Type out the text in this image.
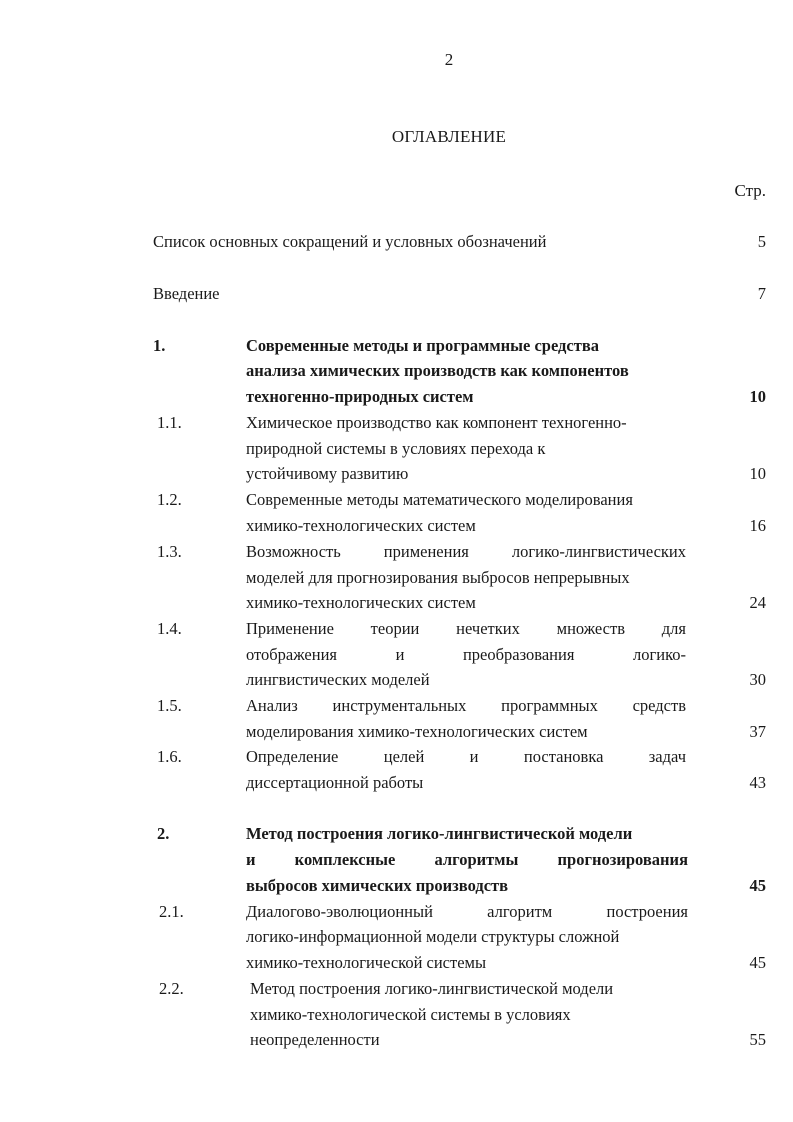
2
ОГЛАВЛЕНИЕ
Стр.
Список основных сокращений и условных обозначений	5
Введение	7
1.	Современные методы и программные средства
анализа химических производств как компонентов
техногенно-природных систем	10
1.1.	Химическое производство как компонент техногенно-
природной системы в условиях перехода к
устойчивому развитию	10
1.2.	Современные методы математического моделирования
химико-технологических систем	16
1.3.	Возможность применения логико-лингвистических
моделей для прогнозирования выбросов непрерывных
химико-технологических систем	24
1.4.	Применение теории нечетких множеств для
отображения и преобразования логико-
лингвистических моделей	30
1.5.	Анализ инструментальных программных средств
моделирования химико-технологических систем	37
1.6.	Определение целей и постановка задач
диссертационной работы	43
2.	Метод построения логико-лингвистической модели
и комплексные алгоритмы прогнозирования
выбросов химических производств	45
2.1.	Диалогово-эволюционный алгоритм построения
логико-информационной модели структуры сложной
химико-технологической системы	45
2.2.	Метод построения логико-лингвистической модели
химико-технологической системы в условиях
неопределенности	55
